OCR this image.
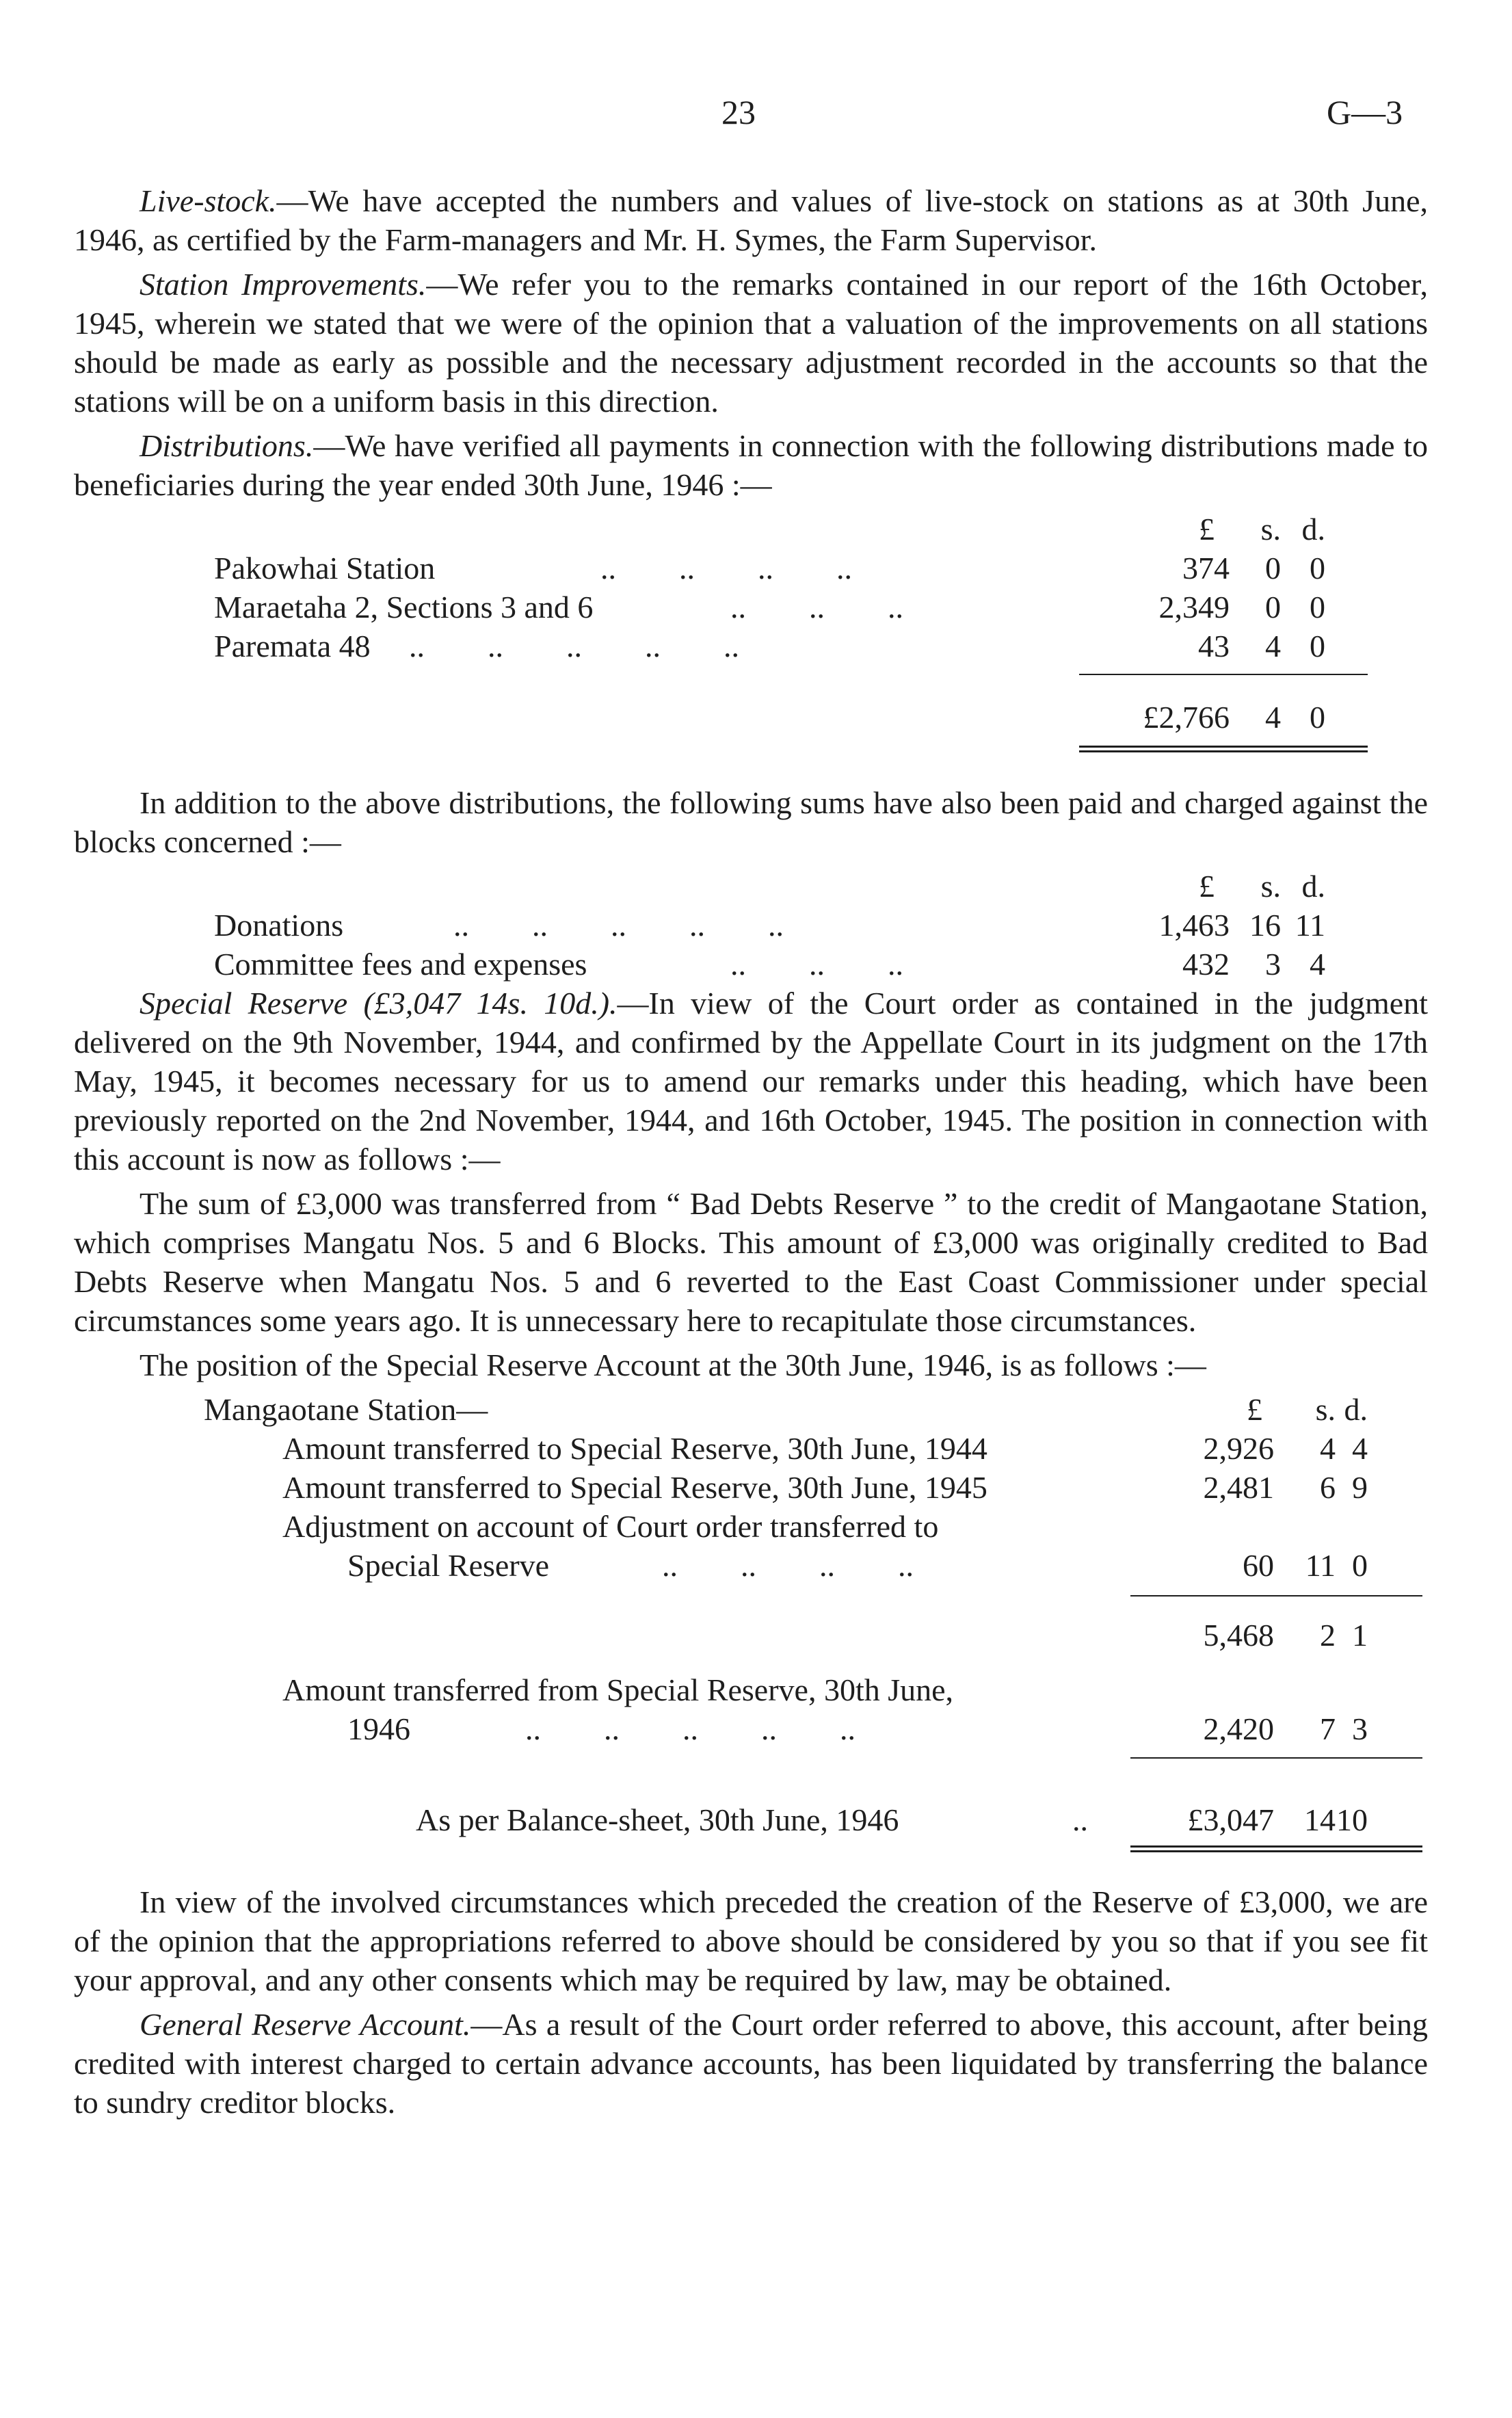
23	G—3

Live-stock.—We have accepted the numbers and values of live-stock on stations as at 30th June, 1946, as certified by the Farm-managers and Mr. H. Symes, the Farm Supervisor.

Station Improvements.—We refer you to the remarks contained in our report of the 16th October, 1945, wherein we stated that we were of the opinion that a valuation of the improvements on all stations should be made as early as possible and the necessary adjustment recorded in the accounts so that the stations will be on a uniform basis in this direction.

Distributions.—We have verified all payments in connection with the following distributions made to beneficiaries during the year ended 30th June, 1946 :—

£ s. d.
Pakowhai Station	..        ..        ..        ..	374 0 0
Maraetaha 2, Sections 3 and 6	..        ..        ..	2,349 0 0
Paremata 48 ..        ..        ..        ..        ..	43 4 0
£2,766 4 0

In addition to the above distributions, the following sums have also been paid and charged against the blocks concerned :—

£ s. d.
Donations	..        ..        ..        ..        ..	1,463 16 11
Committee fees and expenses	..        ..        ..	432 3 4

Special Reserve (£3,047 14s. 10d.).—In view of the Court order as contained in the judgment delivered on the 9th November, 1944, and confirmed by the Appellate Court in its judgment on the 17th May, 1945, it becomes necessary for us to amend our remarks under this heading, which have been previously reported on the 2nd November, 1944, and 16th October, 1945. The position in connection with this account is now as follows :—

The sum of £3,000 was transferred from “ Bad Debts Reserve ” to the credit of Mangaotane Station, which comprises Mangatu Nos. 5 and 6 Blocks. This amount of £3,000 was originally credited to Bad Debts Reserve when Mangatu Nos. 5 and 6 reverted to the East Coast Commissioner under special circumstances some years ago. It is unnecessary here to recapitulate those circumstances.

The position of the Special Reserve Account at the 30th June, 1946, is as follows :—

Mangaotane Station—	£ s. d.
Amount transferred to Special Reserve, 30th June, 1944	2,926 4 4
Amount transferred to Special Reserve, 30th June, 1945	2,481 6 9
Adjustment on account of Court order transferred to
Special Reserve	..        ..        ..        ..	60 11 0
5,468 2 1
Amount transferred from Special Reserve, 30th June,
1946	..        ..        ..        ..        ..	2,420 7 3
As per Balance-sheet, 30th June, 1946	..	£3,047 14 10

In view of the involved circumstances which preceded the creation of the Reserve of £3,000, we are of the opinion that the appropriations referred to above should be considered by you so that if you see fit your approval, and any other consents which may be required by law, may be obtained.

General Reserve Account.—As a result of the Court order referred to above, this account, after being credited with interest charged to certain advance accounts, has been liquidated by transferring the balance to sundry creditor blocks.
